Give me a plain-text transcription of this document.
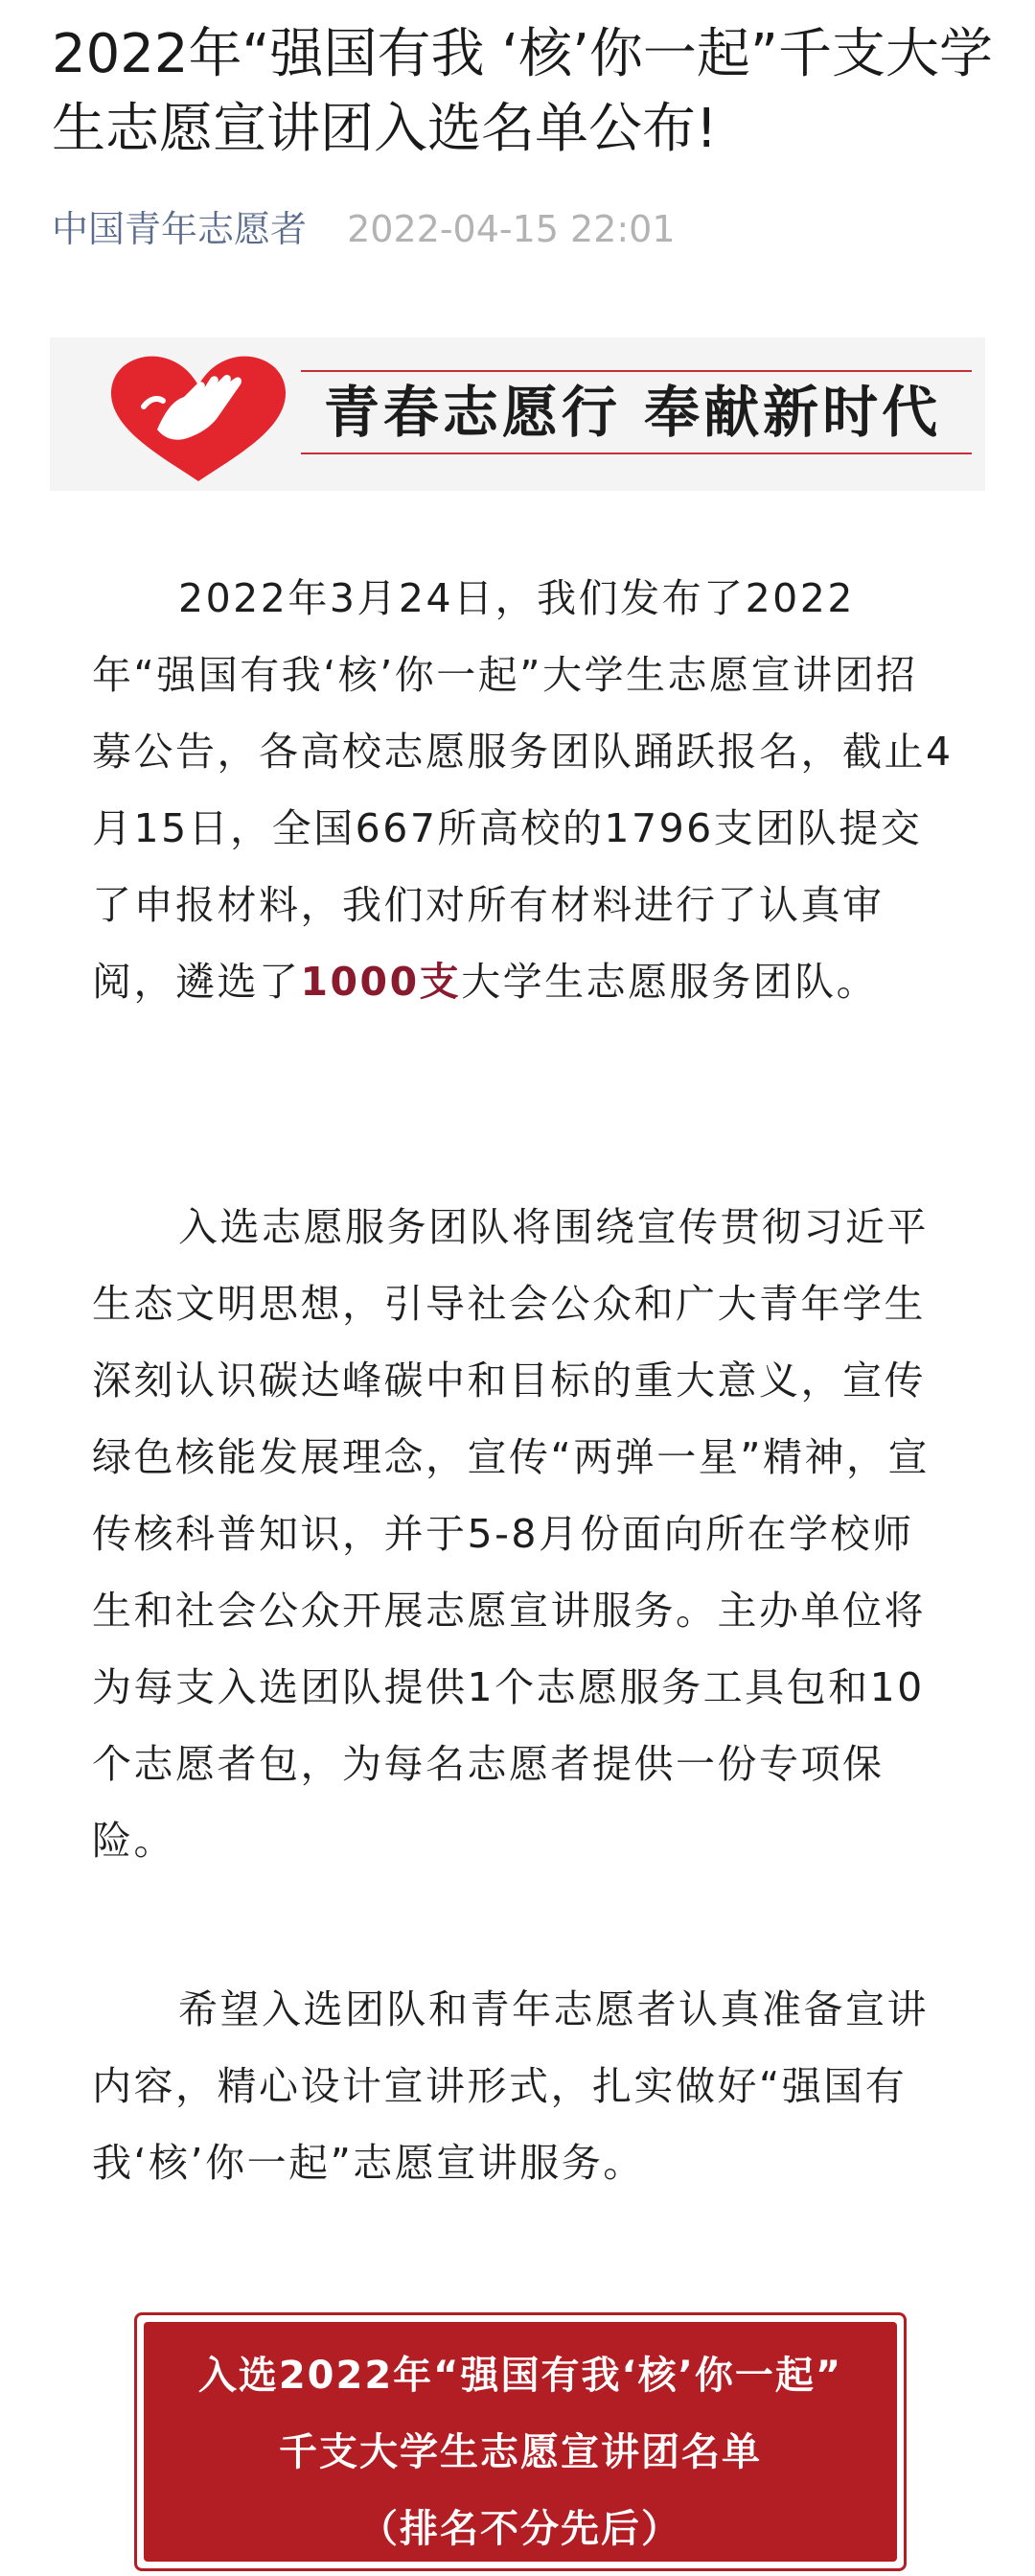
2022年“强国有我 ‘核’你一起”千支大学生志愿宣讲团入选名单公布!
中国青年志愿者 2022-04-15 22:01
青春志愿行 奉献新时代

2022年3月24日，我们发布了2022年“强国有我‘核’你一起”大学生志愿宣讲团招募公告，各高校志愿服务团队踊跃报名，截止4月15日，全国667所高校的1796支团队提交了申报材料，我们对所有材料进行了认真审阅，遴选了1000支大学生志愿服务团队。

入选志愿服务团队将围绕宣传贯彻习近平生态文明思想，引导社会公众和广大青年学生深刻认识碳达峰碳中和目标的重大意义，宣传绿色核能发展理念，宣传“两弹一星”精神，宣传核科普知识，并于5-8月份面向所在学校师生和社会公众开展志愿宣讲服务。主办单位将为每支入选团队提供1个志愿服务工具包和10个志愿者包，为每名志愿者提供一份专项保险。

希望入选团队和青年志愿者认真准备宣讲内容，精心设计宣讲形式，扎实做好“强国有我‘核’你一起”志愿宣讲服务。

入选2022年“强国有我‘核’你一起”
千支大学生志愿宣讲团名单
（排名不分先后）
